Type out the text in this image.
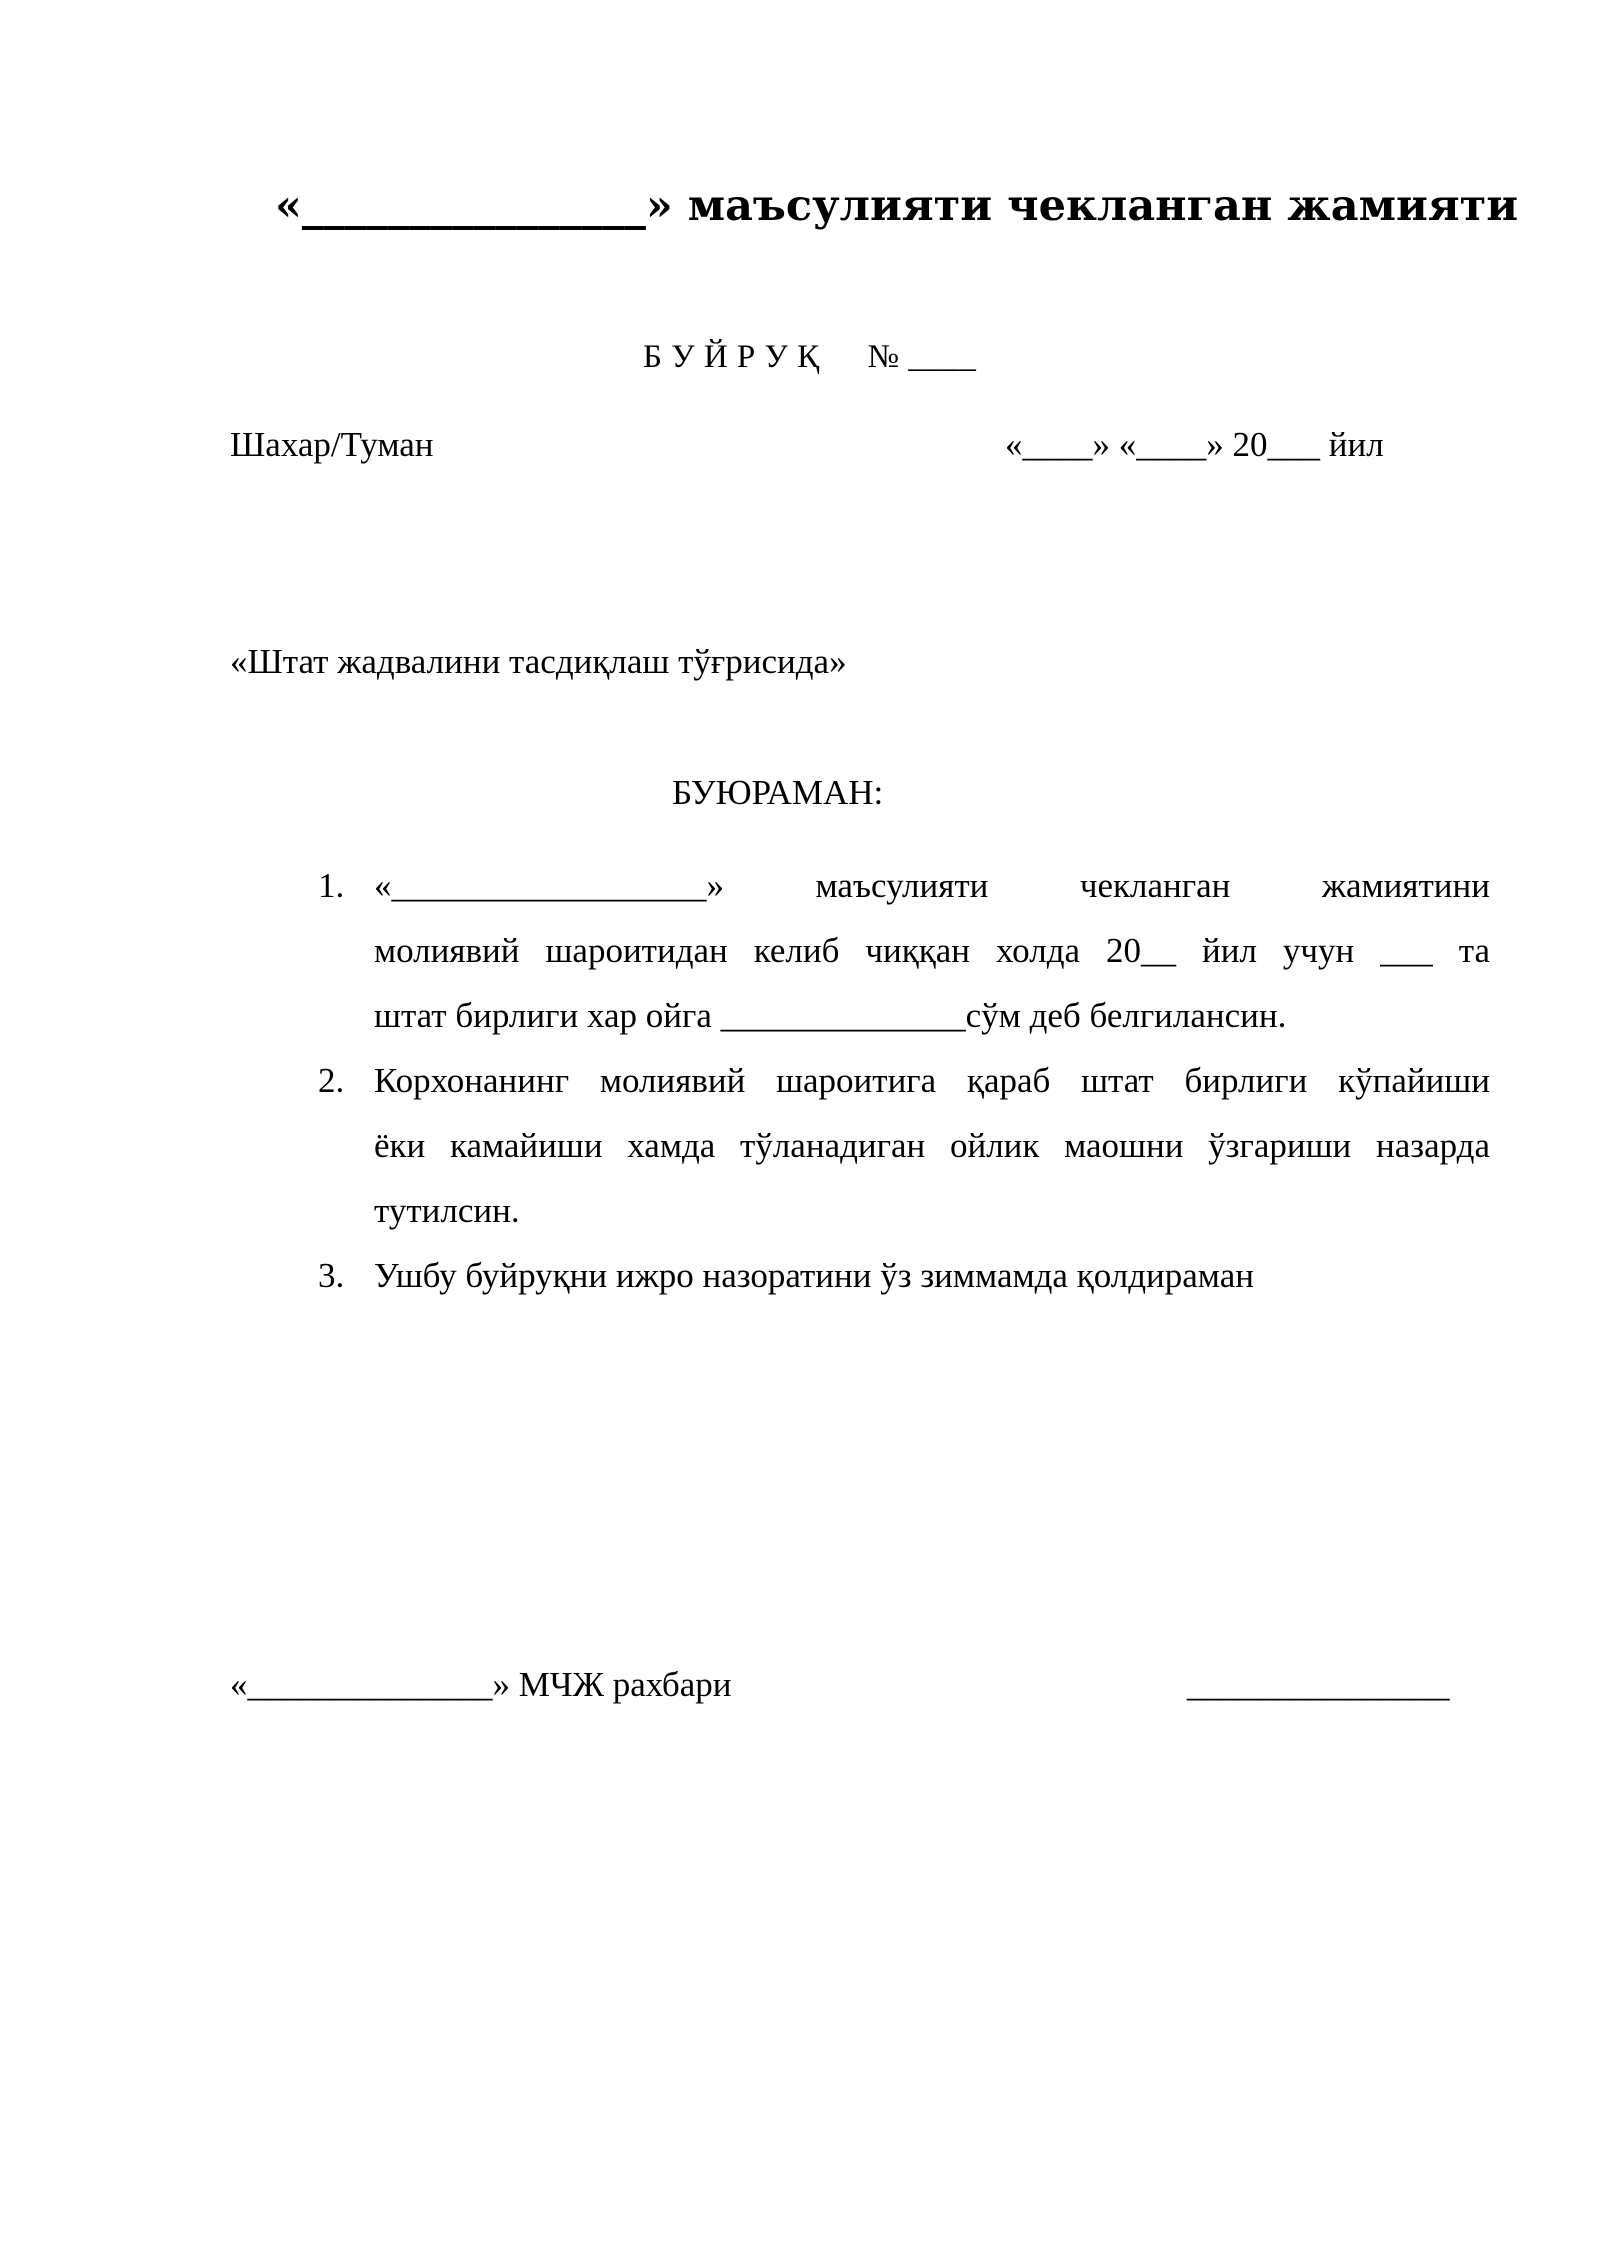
«________________» маъсулияти чекланган жамияти
Б У Й Р У Қ № ____
Шахар/Туман	«____» «____» 20___ йил
«Штат жадвалини тасдиқлаш тўғрисида»
БУЮРАМАН:
1. «__________________» маъсулияти чекланган жамиятини
молиявий шароитидан келиб чиққан холда 20__ йил учун ___ та
штат бирлиги хар ойга ______________сўм деб белгилансин.
2. Корхонанинг молиявий шароитига қараб штат бирлиги кўпайиши
ёки камайиши хамда тўланадиган ойлик маошни ўзгариши назарда
тутилсин.
3. Ушбу буйруқни ижро назоратини ўз зиммамда қолдираман
«______________» МЧЖ рахбари	_______________
